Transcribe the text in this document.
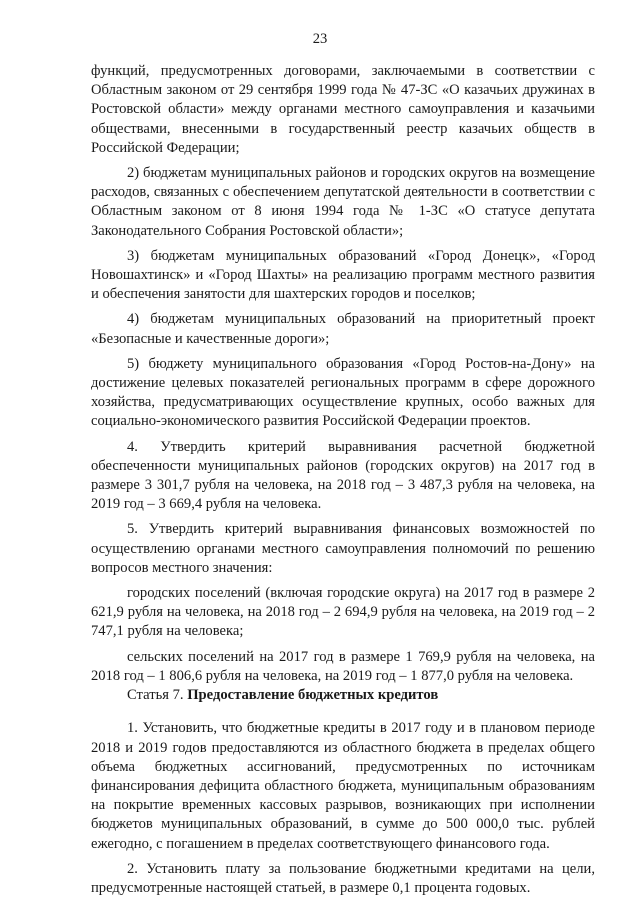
23

функций, предусмотренных договорами, заключаемыми в соответствии с Областным законом от 29 сентября 1999 года № 47-ЗС «О казачьих дружинах в Ростовской области» между органами местного самоуправления и казачьими обществами, внесенными в государственный реестр казачьих обществ в Российской Федерации;

2) бюджетам муниципальных районов и городских округов на возмещение расходов, связанных с обеспечением депутатской деятельности в соответствии с Областным законом от 8 июня 1994 года № 1-ЗС «О статусе депутата Законодательного Собрания Ростовской области»;

3) бюджетам муниципальных образований «Город Донецк», «Город Новошахтинск» и «Город Шахты» на реализацию программ местного развития и обеспечения занятости для шахтерских городов и поселков;

4) бюджетам муниципальных образований на приоритетный проект «Безопасные и качественные дороги»;

5) бюджету муниципального образования «Город Ростов-на-Дону» на достижение целевых показателей региональных программ в сфере дорожного хозяйства, предусматривающих осуществление крупных, особо важных для социально-экономического развития Российской Федерации проектов.

4. Утвердить критерий выравнивания расчетной бюджетной обеспеченности муниципальных районов (городских округов) на 2017 год в размере 3 301,7 рубля на человека, на 2018 год – 3 487,3 рубля на человека, на 2019 год – 3 669,4 рубля на человека.

5. Утвердить критерий выравнивания финансовых возможностей по осуществлению органами местного самоуправления полномочий по решению вопросов местного значения:

городских поселений (включая городские округа) на 2017 год в размере 2 621,9 рубля на человека, на 2018 год – 2 694,9 рубля на человека, на 2019 год – 2 747,1 рубля на человека;

сельских поселений на 2017 год в размере 1 769,9 рубля на человека, на 2018 год – 1 806,6 рубля на человека, на 2019 год – 1 877,0 рубля на человека.

Статья 7. Предоставление бюджетных кредитов

1. Установить, что бюджетные кредиты в 2017 году и в плановом периоде 2018 и 2019 годов предоставляются из областного бюджета в пределах общего объема бюджетных ассигнований, предусмотренных по источникам финансирования дефицита областного бюджета, муниципальным образованиям на покрытие временных кассовых разрывов, возникающих при исполнении бюджетов муниципальных образований, в сумме до 500 000,0 тыс. рублей ежегодно, с погашением в пределах соответствующего финансового года.

2. Установить плату за пользование бюджетными кредитами на цели, предусмотренные настоящей статьей, в размере 0,1 процента годовых.
